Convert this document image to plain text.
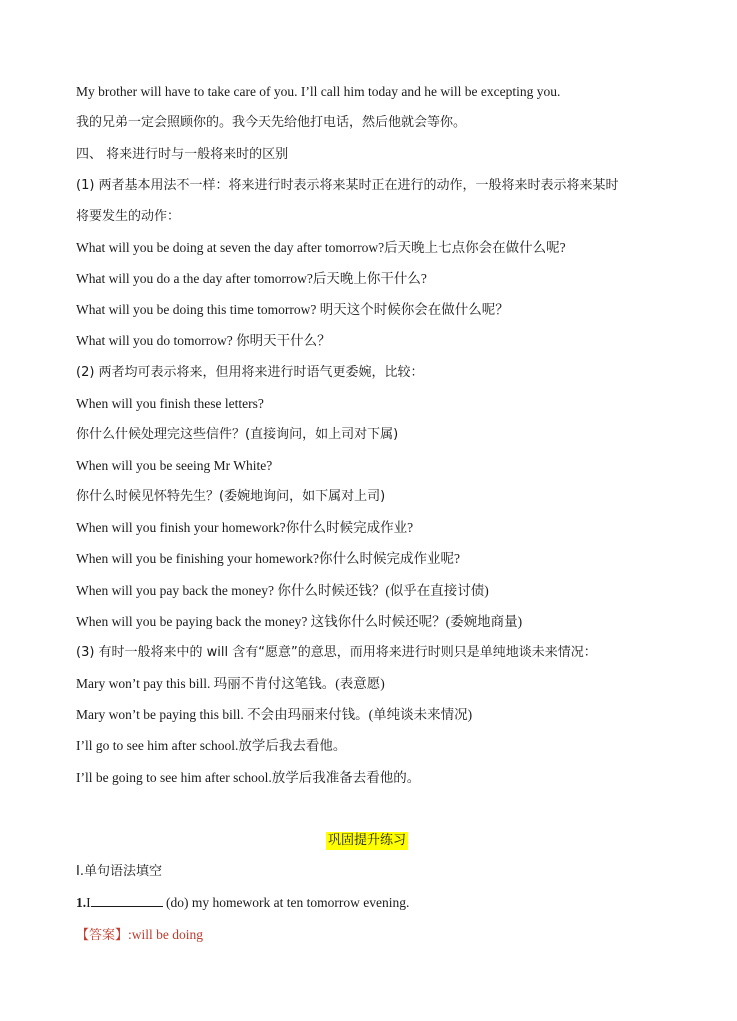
My brother will have to take care of you. I’ll call him today and he will be excepting you.
我的兄弟一定会照顾你的。我今天先给他打电话，然后他就会等你。
四、 将来进行时与一般将来时的区别
(1) 两者基本用法不一样：将来进行时表示将来某时正在进行的动作，一般将来时表示将来某时
将要发生的动作：
What will you be doing at seven the day after tomorrow?后天晚上七点你会在做什么呢?
What will you do a the day after tomorrow?后天晚上你干什么?
What will you be doing this time tomorrow? 明天这个时候你会在做什么呢？
What will you do tomorrow? 你明天干什么？
(2) 两者均可表示将来，但用将来进行时语气更委婉，比较：
When will you finish these letters?
你什么什候处理完这些信件？(直接询问，如上司对下属)
When will you be seeing Mr White?
你什么时候见怀特先生？(委婉地询问，如下属对上司)
When will you finish your homework?你什么时候完成作业?
When will you be finishing your homework?你什么时候完成作业呢?
When will you pay back the money? 你什么时候还钱？(似乎在直接讨债)
When will you be paying back the money? 这钱你什么时候还呢？(委婉地商量)
(3) 有时一般将来中的 will 含有“愿意”的意思，而用将来进行时则只是单纯地谈未来情况：
Mary won’t pay this bill. 玛丽不肯付这笔钱。(表意愿)
Mary won’t be paying this bill. 不会由玛丽来付钱。(单纯谈未来情况)
I’ll go to see him after school.放学后我去看他。
I’ll be going to see him after school.放学后我准备去看他的。
巩固提升练习
Ⅰ.单句语法填空
1.I	(do) my homework at ten tomorrow evening.
【答案】:will be doing
